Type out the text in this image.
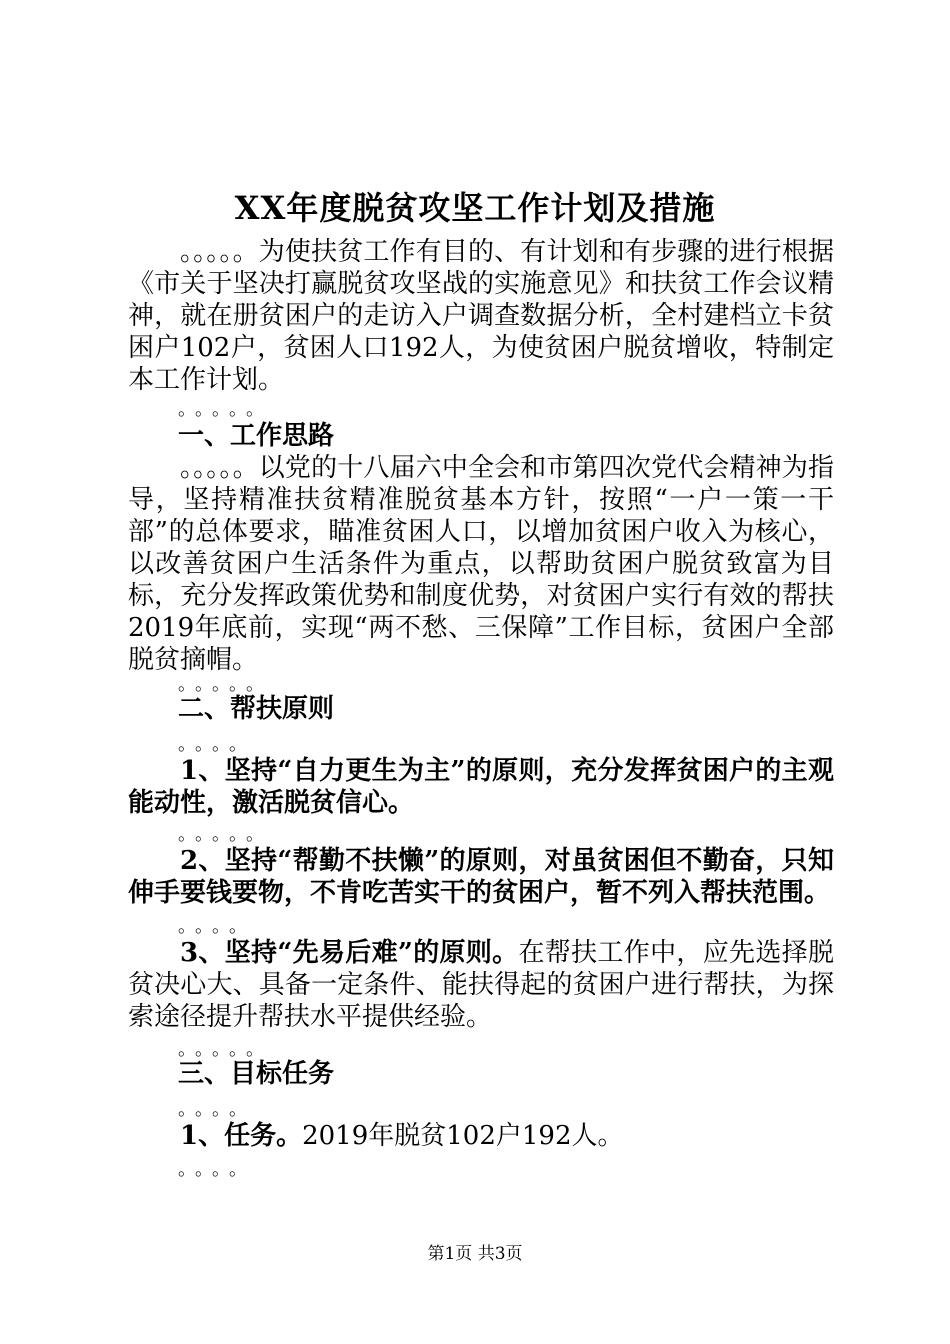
XX年度脱贫攻坚工作计划及措施

。。。。。为使扶贫工作有目的、有计划和有步骤的进行根据《市关于坚决打赢脱贫攻坚战的实施意见》和扶贫工作会议精神，就在册贫困户的走访入户调查数据分析，全村建档立卡贫困户102户，贫困人口192人，为使贫困户脱贫增收，特制定本工作计划。

。。。。。
一、工作思路

。。。。。以党的十八届六中全会和市第四次党代会精神为指导，坚持精准扶贫精准脱贫基本方针，按照“一户一策一干部”的总体要求，瞄准贫困人口，以增加贫困户收入为核心，以改善贫困户生活条件为重点，以帮助贫困户脱贫致富为目标，充分发挥政策优势和制度优势，对贫困户实行有效的帮扶2019年底前，实现“两不愁、三保障”工作目标，贫困户全部脱贫摘帽。

。。。。。
二、帮扶原则
。。。。

1、坚持“自力更生为主”的原则，充分发挥贫困户的主观能动性，激活脱贫信心。

。。。。。

2、坚持“帮勤不扶懒”的原则，对虽贫困但不勤奋，只知伸手要钱要物，不肯吃苦实干的贫困户，暂不列入帮扶范围。

。。。。

3、坚持“先易后难”的原则。在帮扶工作中，应先选择脱贫决心大、具备一定条件、能扶得起的贫困户进行帮扶，为探索途径提升帮扶水平提供经验。

。。。。。
三、目标任务
。。。。

1、任务。2019年脱贫102户192人。

。。。。
第1页 共3页
